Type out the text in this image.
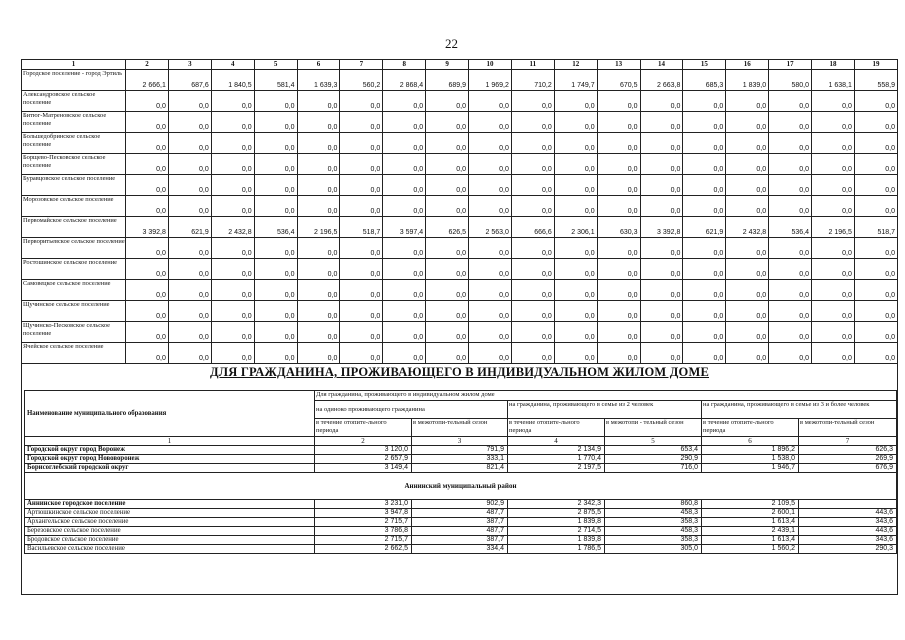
22
1	2	3	4	5	6	7	8	9	10	11	12	13	14	15	16	17	18	19
Городское поселение - город Эртиль	2 666,1	687,6	1 840,5	581,4	1 639,3	560,2	2 868,4	689,9	1 969,2	710,2	1 749,7	670,5	2 663,8	685,3	1 839,0	580,0	1 638,1	558,9
Александровское сельское поселение	0,0	0,0	0,0	0,0	0,0	0,0	0,0	0,0	0,0	0,0	0,0	0,0	0,0	0,0	0,0	0,0	0,0	0,0
Битюг-Матреновское сельское поселение	0,0	0,0	0,0	0,0	0,0	0,0	0,0	0,0	0,0	0,0	0,0	0,0	0,0	0,0	0,0	0,0	0,0	0,0
Большедобринское сельское поселение	0,0	0,0	0,0	0,0	0,0	0,0	0,0	0,0	0,0	0,0	0,0	0,0	0,0	0,0	0,0	0,0	0,0	0,0
Борщево-Песковское сельское поселение	0,0	0,0	0,0	0,0	0,0	0,0	0,0	0,0	0,0	0,0	0,0	0,0	0,0	0,0	0,0	0,0	0,0	0,0
Буравцовское сельское поселение	0,0	0,0	0,0	0,0	0,0	0,0	0,0	0,0	0,0	0,0	0,0	0,0	0,0	0,0	0,0	0,0	0,0	0,0
Морозовское сельское поселение	0,0	0,0	0,0	0,0	0,0	0,0	0,0	0,0	0,0	0,0	0,0	0,0	0,0	0,0	0,0	0,0	0,0	0,0
Первомайское сельское поселение	3 392,8	621,9	2 432,8	536,4	2 196,5	518,7	3 597,4	626,5	2 563,0	666,6	2 306,1	630,3	3 392,8	621,9	2 432,8	536,4	2 196,5	518,7
Перворитьевское сельское поселение	0,0	0,0	0,0	0,0	0,0	0,0	0,0	0,0	0,0	0,0	0,0	0,0	0,0	0,0	0,0	0,0	0,0	0,0
Ростошинское сельское поселение	0,0	0,0	0,0	0,0	0,0	0,0	0,0	0,0	0,0	0,0	0,0	0,0	0,0	0,0	0,0	0,0	0,0	0,0
Самовецкое сельское поселение	0,0	0,0	0,0	0,0	0,0	0,0	0,0	0,0	0,0	0,0	0,0	0,0	0,0	0,0	0,0	0,0	0,0	0,0
Щучинское сельское поселение	0,0	0,0	0,0	0,0	0,0	0,0	0,0	0,0	0,0	0,0	0,0	0,0	0,0	0,0	0,0	0,0	0,0	0,0
Щучинско-Песковское сельское поселение	0,0	0,0	0,0	0,0	0,0	0,0	0,0	0,0	0,0	0,0	0,0	0,0	0,0	0,0	0,0	0,0	0,0	0,0
Ячейское сельское поселение	0,0	0,0	0,0	0,0	0,0	0,0	0,0	0,0	0,0	0,0	0,0	0,0	0,0	0,0	0,0	0,0	0,0	0,0
ДЛЯ ГРАЖДАНИНА, ПРОЖИВАЮЩЕГО В ИНДИВИДУАЛЬНОМ ЖИЛОМ ДОМЕ
Наименование муниципального образования	Для гражданина, проживающего в индивидуальном жилом доме					
	на одиноко проживающего гражданина		на гражданина, проживающего в семье из 2 человек		на гражданина, проживающего в семье из 3 и более человек	
	в течение отопите-льного периода	в межотопи-тельный сезон	в течение отопите-льного периода	в межотопи - тельный сезон	в течение отопите-льного периода	в межотопи-тельный сезон
1	2	3	4	5	6	7
Городской округ город Воронеж	3 120,0	791,9	2 134,9	653,4	1 896,2	626,3
Городской округ город Нововоронеж	2 657,9	333,1	1 770,4	290,9	1 538,0	269,9
Борисоглебский городской округ	3 149,4	821,4	2 197,5	716,0	1 946,7	676,9
Аннинский муниципальный район						
Аннинское городское поселение	3 231,0	902,9	2 342,3	860,8	2 109,5	
Артюшкинское сельское поселение	3 947,8	487,7	2 875,5	458,3	2 600,1	443,6
Архангельское сельское поселение	2 715,7	387,7	1 839,8	358,3	1 613,4	343,6
Березовское сельское поселение	3 786,8	487,7	2 714,5	458,3	2 439,1	443,6
Бродовское сельское поселение	2 715,7	387,7	1 839,8	358,3	1 613,4	343,6
Васильевское сельское поселение	2 662,5	334,4	1 786,5	305,0	1 560,2	290,3
